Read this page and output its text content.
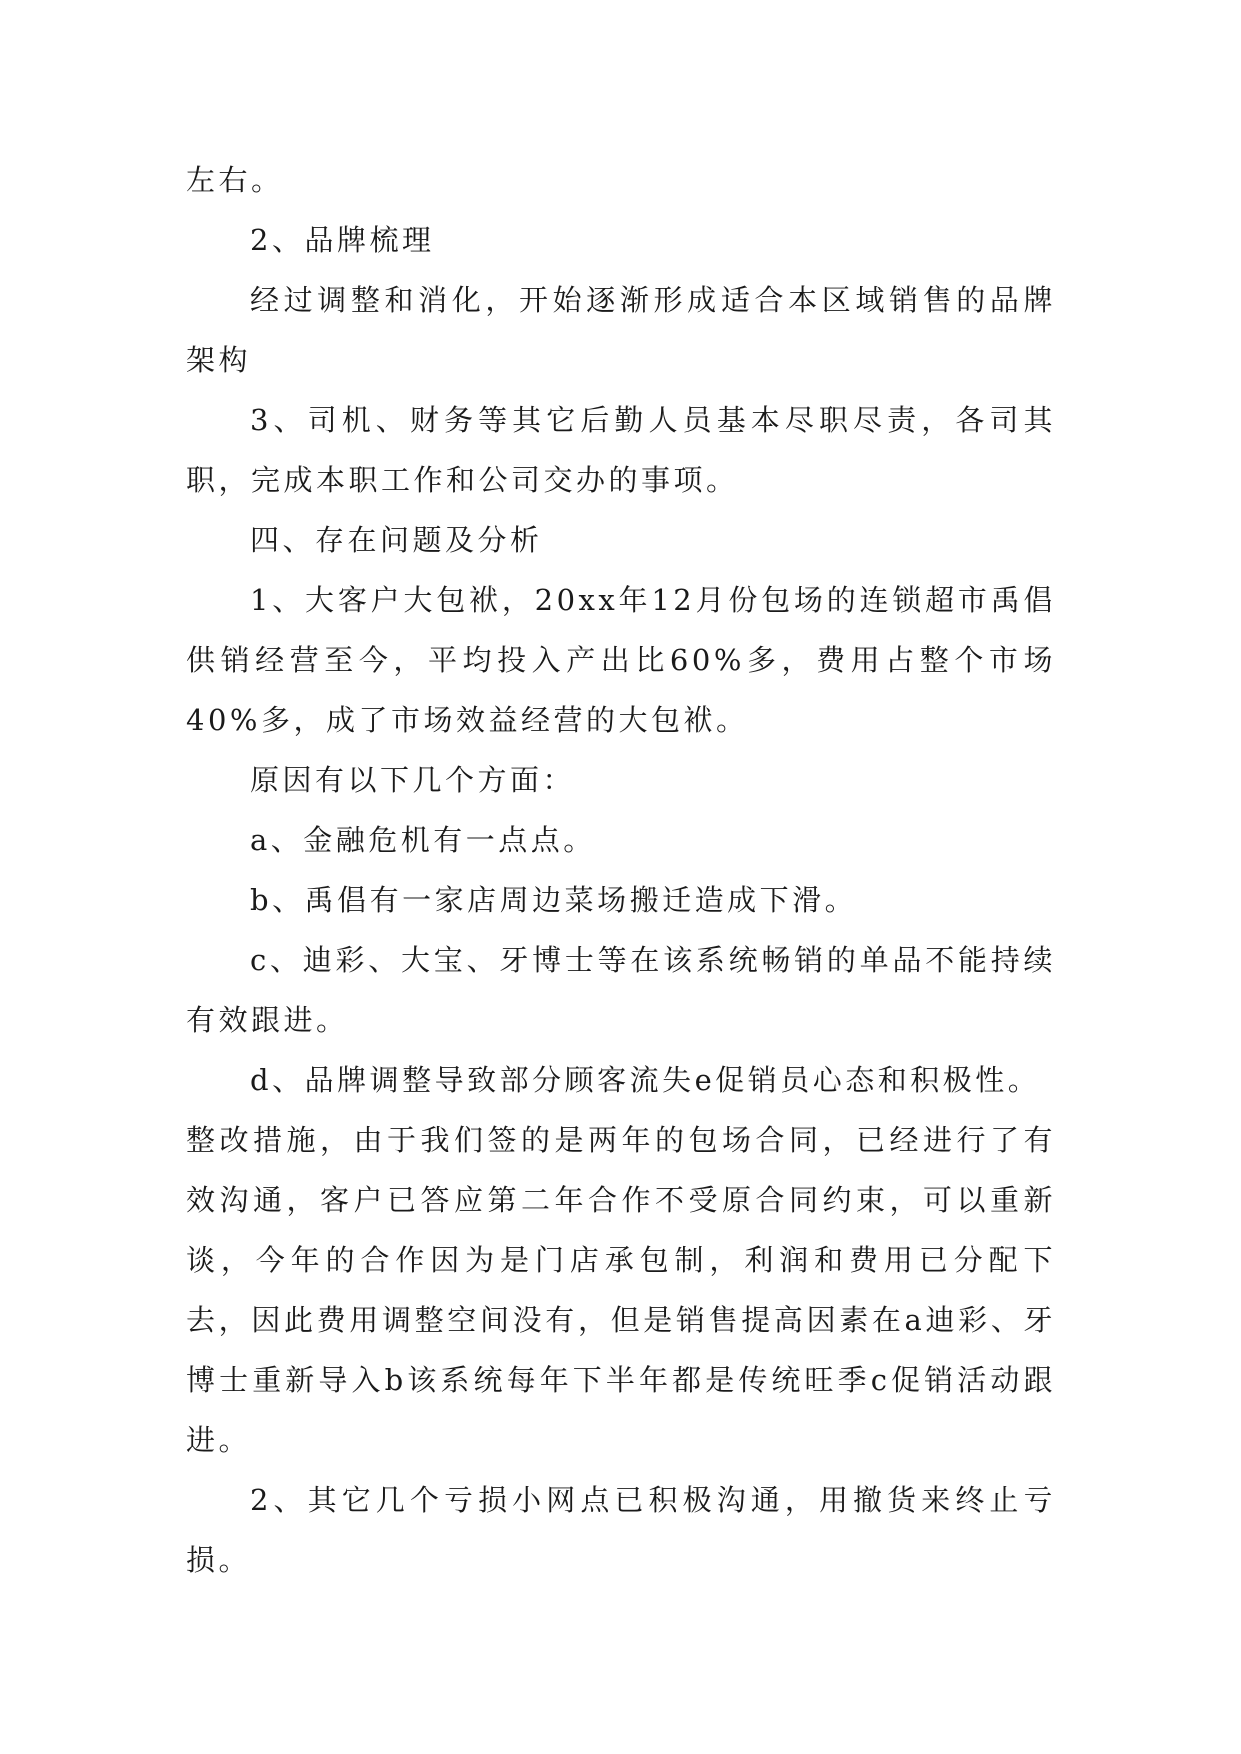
左右。

2、品牌梳理

经过调整和消化，开始逐渐形成适合本区域销售的品牌架构

3、司机、财务等其它后勤人员基本尽职尽责，各司其职，完成本职工作和公司交办的事项。

四、存在问题及分析

1、大客户大包袱，20xx年12月份包场的连锁超市禹倡供销经营至今，平均投入产出比60%多，费用占整个市场40%多，成了市场效益经营的大包袱。

原因有以下几个方面：

a、金融危机有一点点。

b、禹倡有一家店周边菜场搬迁造成下滑。

c、迪彩、大宝、牙博士等在该系统畅销的单品不能持续有效跟进。

d、品牌调整导致部分顾客流失e促销员心态和积极性。

整改措施，由于我们签的是两年的包场合同，已经进行了有效沟通，客户已答应第二年合作不受原合同约束，可以重新谈，今年的合作因为是门店承包制，利润和费用已分配下去，因此费用调整空间没有，但是销售提高因素在a迪彩、牙博士重新导入b该系统每年下半年都是传统旺季c促销活动跟进。

2、其它几个亏损小网点已积极沟通，用撤货来终止亏损。
